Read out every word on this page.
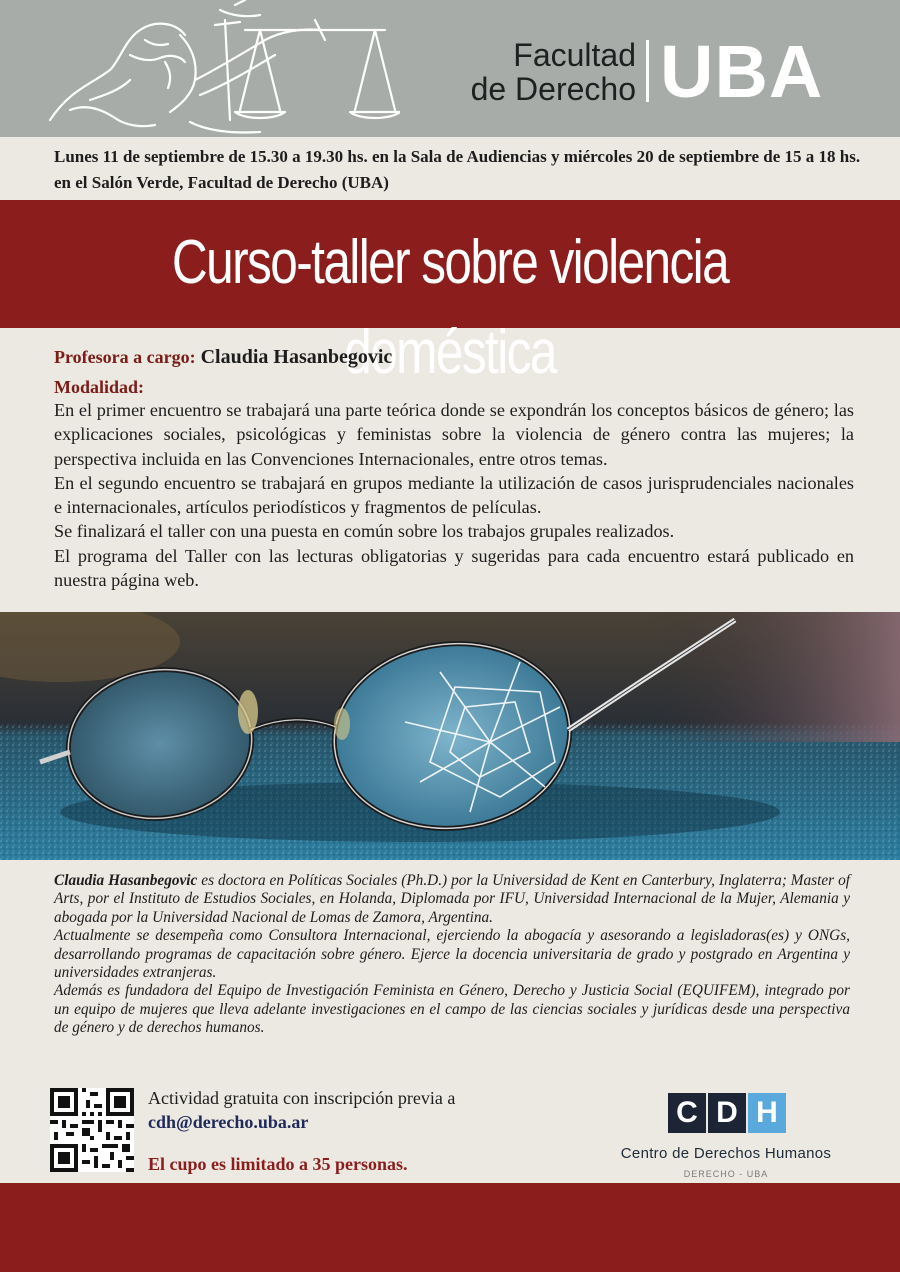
Facultad
de Derecho UBA
Lunes 11 de septiembre de 15.30 a 19.30 hs. en la Sala de Audiencias y miércoles 20 de septiembre de 15 a 18 hs. en el Salón Verde, Facultad de Derecho (UBA)
Curso-taller sobre violencia doméstica
Profesora a cargo: Claudia Hasanbegovic
Modalidad:

En el primer encuentro se trabajará una parte teórica donde se expondrán los conceptos básicos de género; las explicaciones sociales, psicológicas y feministas sobre la violencia de género contra las mujeres; la perspectiva incluida en las Convenciones Internacionales, entre otros temas.

En el segundo encuentro se trabajará en grupos mediante la utilización de casos jurisprudenciales nacionales e internacionales, artículos periodísticos y fragmentos de películas.

Se finalizará el taller con una puesta en común sobre los trabajos grupales realizados.

El programa del Taller con las lecturas obligatorias y sugeridas para cada encuentro estará publicado en nuestra página web.

Claudia Hasanbegovic es doctora en Políticas Sociales (Ph.D.) por la Universidad de Kent en Canterbury, Inglaterra; Master of Arts, por el Instituto de Estudios Sociales, en Holanda, Diplomada por IFU, Universidad Internacional de la Mujer, Alemania y abogada por la Universidad Nacional de Lomas de Zamora, Argentina.

Actualmente se desempeña como Consultora Internacional, ejerciendo la abogacía y asesorando a legisladoras(es) y ONGs, desarrollando programas de capacitación sobre género. Ejerce la docencia universitaria de grado y postgrado en Argentina y universidades extranjeras.

Además es fundadora del Equipo de Investigación Feminista en Género, Derecho y Justicia Social (EQUIFEM), integrado por un equipo de mujeres que lleva adelante investigaciones en el campo de las ciencias sociales y jurídicas desde una perspectiva de género y de derechos humanos.

Actividad gratuita con inscripción previa a
cdh@derecho.uba.ar
El cupo es limitado a 35 personas.
C D H
Centro de Derechos Humanos
DERECHO - UBA
